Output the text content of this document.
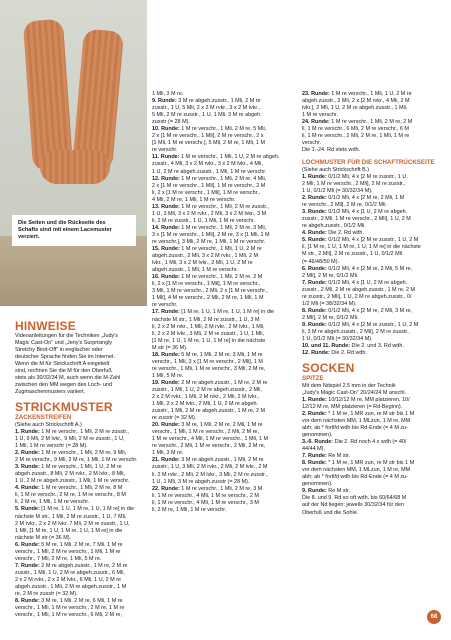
Die Seiten und die Rückseite des

Schafts sind mit einem Lacemuster

verziert.

HINWEISE

Videoanleitungen für die Techniken „Judy's

Magic Cast-On“ und „Jeny's Surprisingly

Stretchy Bind-Off“ in englischer oder

deutscher Sprache finden Sie im Internet.

Wenn die M für Strickschrift A eingeteilt

sind, rechnen Sie die M für den Oberfuß

stets als 30/32/34 M, auch wenn die M-Zahl

zwischen den MM wegen des Loch- und

Zugmaschenmusters variiert.

STRICKMUSTER
ZACKENSTREIFEN

(Siehe auch Strickschrift A.)

1. Runde: 1 M re verschr., 1 Mli, 2 M re zusstr.,

1 U, 9 Mli, 2 M lvkr., 9 Mli, 2 M re zusstr., 1 U,

1 Mli, 1 M re verschr (= 28 M).

2. Runde: 1 M re verschr., 1 Mli, 2 M re, 9 Mli,

2 M re verschr., 9 Mli, 2 M re, 1 Mli, 1 M re verschr.

3. Runde: 1 M re verschr., 1 Mli, 1 U, 2 M re

abgeh.zusstr., 8 Mli, 2 M rvkr., 2 M lvkr., 8 Mli,

1 U, 2 M re abgeh.zusstr., 1 Mli, 1 M re verschr.

4. Runde: 1 M re verschr., 1 Mli, 2 M re, 8 M

li, 1 M re verschr., 2 M re, 1 M re verschr., 8 M

li, 2 M re, 1 Mli, 1 M re verschr.

5. Runde: [1 M re, 1 U, 1 M re, 1 U, 1 M re] in die

nächste M str., 1 Mli, 2 M re zusstr., 1 U, 7 Mli,

2 M rvkr., 2 x 2 M lvkr. 7 Mli, 2 M re zusstr., 1 U,

1 Mli, [1 M re, 1 U, 1 M re, 1 U, 1 M re] in die

nächste M str (= 36 M).

6. Runde: 5 M re, 1 Mli, 2 M re, 7 Mli, 1 M re

verschr., 1 Mli, 2 M re verschr., 1 Mli, 1 M re

verschr., 7 Mli, 2 M re, 1 Mli, 5 M re.

7. Runde: 2 M re abgeh.zusstr., 1 M re, 2 M re

zusstr., 1 Mli, 1 U, 2 M re abgeh.zusstr., 6 Mli,

2 x 2 M rvkr., 2 x 2 M lvkr., 6 Mli, 1 U, 2 M re

abgeh.zusstr., 1 Mli, 2 M re abgeh.zusstr., 1 M

re, 2 M re zusstr (= 32 M).

8. Runde: 3 M re, 1 Mli, 2 M re, 6 Mli, 1 M re

verschr., 1 Mli, 1 M re verschr., 2 M re, 1 M re

verschr., 1 Mli, 1 M re verschr., 6 Mli, 2 M re,

1 Mli, 3 M re.

9. Runde: 3 M re abgeh.zusstr., 1 Mli, 2 M re

zusstr., 1 U, 5 Mli, 2 x 2 M rvkr., 3 x 2 M lvkr.,

5 Mli, 2 M re zusstr., 1 U, 1 Mli, 3 M re abgeh.

zusstr (= 28 M).

10. Runde: 1 M re verschr., 1 Mli, 2 M re, 5 Mli,

2 x [1 M re verschr., 1 Mli], 2 M re verschr., 2 x

[1 Mli, 1 M re verschr.], 5 Mli, 2 M re, 1 Mli, 1 M

re verschr.

11. Runde: 1 M re verschr., 1 Mli, 1 U, 2 M re abgeh.

zusstr., 4 Mli, 3 x 2 M rvkr., 3 x 2 M lvkr., 4 Mli,

1 U, 2 M re abgeh.zusstr., 1 Mli, 1 M re verschr.

12. Runde: 1 M re verschr., 1 Mli, 2 M re, 4 Mli,

2 x [1 M re verschr., 1 Mli], 1 M re verschr., 2 M

li, 2 x [1 M re verschr., 1 Mli], 1 M re verschr.,

4 Mli, 2 M re, 1 Mli, 1 M re verschr.

13. Runde: 1 M re verschr., 1 Mli, 2 M re zusstr.,

1 U, 3 Mli, 3 x 2 M rvkr., 2 Mli, 3 x 2 M lvkr., 3 M

li, 2 M re zusstr., 1 U, 1 Mli, 1 M re verschr.

14. Runde: 1 M re verschr., 1 Mli, 2 M re, 3 Mli,

3 x [1 M re verschr., 1 Mli], 2 M re, 3 x [1 Mli, 1 M

re verschr.], 3 Mli, 2 M re, 1 Mli, 1 M re verschr.

15. Runde: 1 M re verschr., 1 Mli, 1 U, 2 M re

abgeh.zusstr., 2 Mli, 3 x 2 M rvkr., 1 Mli, 2 M

lvkr., 1 Mli, 3 x 2 M lvkr., 2 Mli, 1 U, 2 M re

abgeh.zusstr., 1 Mli, 1 M re verschr.

16. Runde: 1 M re verschr., 1 Mli, 2 M re, 2 M

li, 2 x [1 M re verschr., 1 Mli], 1 M re verschr.,

3 Mli, 1 M re verschr., 2 Mli, 2 x [1 M re verschr.,

1 Mli], 4 M re verschr., 2 Mli, 2 M re, 1 Mli, 1 M

re verschr.

17. Runde: [1 M re, 1 U, 1 M re, 1 U, 1 M re] in die

nächste M str., 1 Mli, 2 M re zusstr., 1 U, 3 M

li, 2 x 2 M rvkr., 1 Mli, 2 M rvkr., 2 M lvkr., 1 Mli,

li, 2 x 2 M lvkr., 3 Mli, 2 M re zusstr., 1 U, 1 Mli,

[1 M re, 1 U, 1 M re, 1 U, 1 M re] in die nächste

M str (= 36 M).

18. Runde: 5 M re, 1 Mli, 2 M re, 3 Mli, 1 M re

verschr., 1 Mli, 3 x [1 M re verschr., 2 Mli], 1 M

re verschr., 1 Mli, 1 M re verschr., 3 Mli, 2 M re,

1 Mli, 5 M re.

19. Runde: 2 M re abgeh.zusstr., 1 M re, 2 M re

zusstr., 1 Mli, 1 U, 2 M re abgeh.zusstr., 2 Mli,

2 x 2 M rvkr., 1 Mli, 2 M rvkr., 2 Mli, 2 M lvkr.,

1 Mli, 2 x 2 M lvkr., 2 Mli, 1 U, 2 M re abgeh.

zusstr., 1 Mli, 2 M re abgeh.zusstr., 1 M re, 2 M

re zusstr (= 32 M).

20. Runde: 3 M re, 1 Mli, 2 M re, 2 Mli, 1 M re

verschr., 1 Mli, 1 M re verschr., 2 Mli, 2 M re,

1 M re verschr., 4 Mli, 1 M re verschr., 1 Mli, 1 M

re verschr., 2 Mli, 1 M re verschr., 2 Mli, 2 M re,

1 Mli, 3 M re.

21. Runde: 3 M re abgeh.zusstr., 1 Mli, 2 M re

zusstr., 1 U, 3 Mli, 2 M rvkr., 2 Mli, 2 M lvkr., 2 M

li, 2 M rvkr., 2 Mli, 2 M lvkr., 3 Mli, 2 M re zusstr.,

1 U, 1 Mli, 3 M re abgeh.zusstr (= 28 M).

22. Runde: 1 M re verschr., 1 Mli, 2 M re, 3 M

li, 1 M re verschr., 4 Mli, 1 M re verschr., 2 M

li, 1 M re verschr., 4 Mli, 1 M re verschr., 3 M

li, 2 M re, 1 Mli, 1 M re verschr.

23. Runde: 1 M re verschr., 1 Mli, 1 U, 2 M re

abgeh.zusstr., 2 Mli, 2 x [2 M rvkr., 4 Mli, 2 M

lvkr.], 2 Mli, 1 U, 2 M re abgeh.zusstr., 1 Mli,

1 M re verschr.

24. Runde: 1 M re verschr., 1 Mli, 2 M re, 2 M

li, 1 M re verschr., 6 Mli, 2 M re verschr., 6 M

li, 1 M re verschr., 2 Mli, 2 M re, 1 Mli, 1 M re

verschr.

Die 1.-24. Rd stets wdh.

LOCHMUSTER FÜR DIE SCHAFTRÜCKSEITE

(Siehe auch Strickschrift B.)

1. Runde: 0/1/2 Mli, 4 x [2 M re zusstr., 1 U,

2 Mli, 1 M re verschr., 2 Mli], 2 M re zusstr.,

1 U, 0/1/2 Mli (= 30/32/34 M).

2. Runde: 0/1/2 Mli, 4 x [2 M re, 2 Mli, 1 M

re verschr., 2 Mli], 2 M re, 0/1/2 Mli.

3. Runde: 0/1/2 Mli, 4 x [1 U, 2 M re abgeh.

zusstr., 2 Mli, 1 M re verschr., 2 Mli], 1 U, 2 M

re abgeh.zusstr., 0/1/2 Mli.

4. Runde: Die 2. Rd wdh.

5. Runde: 0/1/2 Mli, 4 x [2 M re zusstr., 1 U, 2 M

li, [1 M re, 1 U, 1 M re, 1 U, 1 M re] in die nächste

M str., 2 Mli], 2 M re zusstr., 1 U, 0/1/2 Mli

(= 46/48/50 M).

6. Runde: 0/1/2 Mli, 4 x [2 M re, 2 Mli, 5 M re,

2 Mli], 2 M re, 0/1/2 Mli.

7. Runde: 0/1/2 Mli, 4 x [1 U, 2 M re abgeh.

zusstr., 2 Mli, 2 M re abgeh.zusstr., 1 M re, 2 M

re zusstr., 2 Mli], 1 U, 2 M re abgeh.zusstr., 0/

1/2 Mli (= 38/32/34 M).

8. Runde: 0/1/2 Mli, 4 x [2 M re, 2 Mli, 3 M re,

2 Mli], 2 M re, 0/1/2 Mli.

9. Runde: 0/1/2 Mli, 4 x [2 M re zusstr., 1 U, 2 M

li, 3 M re abgeh.zusstr., 2 Mli], 2 M re zusstr.,

1 U, 0/1/2 Mli (= 30/32/34 M).

10. und 11. Runde: Die 2. und 3. Rd wdh.

12. Runde: Die 2. Rd wdh.

SOCKEN
SPITZE

Mit dem Ndspiel 2.5 mm in der Technik

„Judy's Magic Cast-On“ 20/24/24 M anschl.

1. Runde: 10/12/12 M re, MM platzieren, 10/

12/12 M re, MM platzieren (= Rd-Beginn).

2. Runde: * 1 M re, 1 MR zun, re M str bis 1 M

vor dem nächsten MM, 1 MLzun, 1 M re, MM

abh; ab * fortlfd wdh bis Rd-Ende (= 4 M zu-

genommen).

3.-6. Runde: Die 2. Rd noch 4 x wdh (= 40/

44/44 M).

7. Runde: Re M str.

8. Runde: * 1 M re, 1 MR zun, re M str bis 1 M

vor dem nächsten MM, 1 MLzun, 1 M re, MM

abh; ab * fortlfd wdh bis Rd-Ende (= 4 M zu-

genommen).

9. Runde: Re M str.

Die 8. und 9. Rd so oft wdh, bis 60/64/68 M

auf der Nd liegen: jeweils 30/32/34 für den

Oberfuß und die Sohle.

68
